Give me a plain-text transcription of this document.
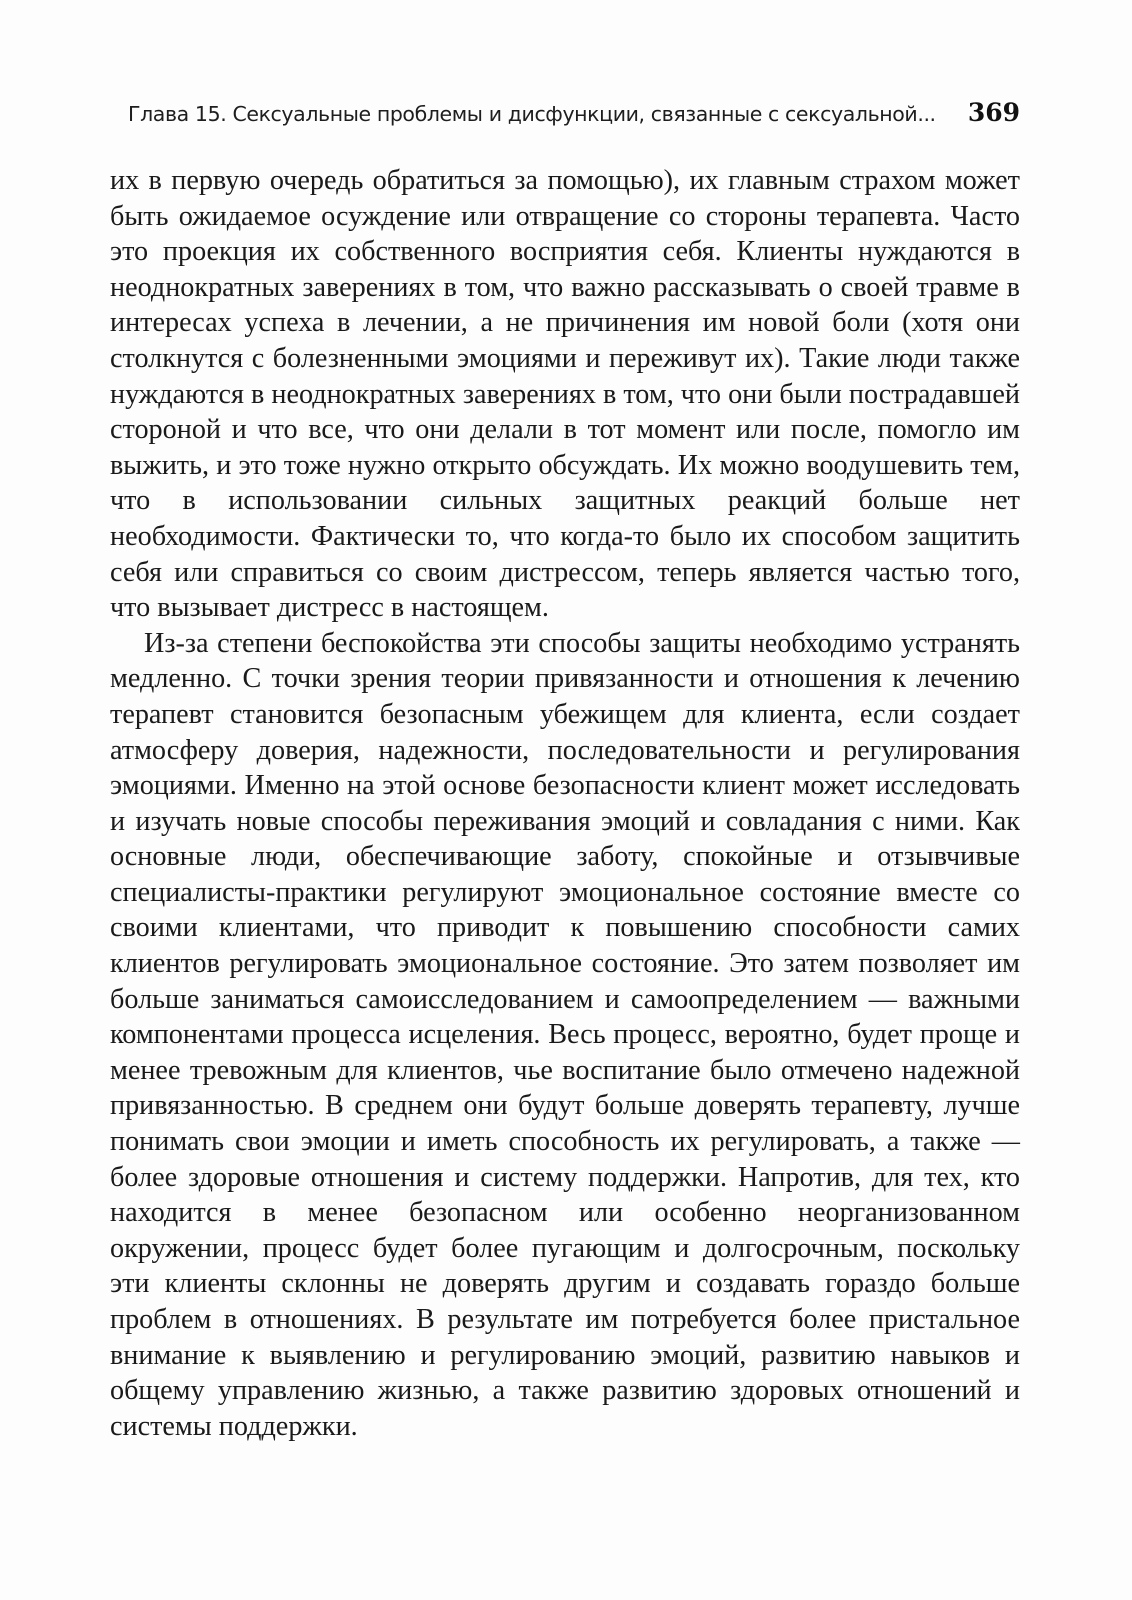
Глава 15. Сексуальные проблемы и дисфункции, связанные с сексуальной... 369

их в первую очередь обратиться за помощью), их главным страхом может быть ожидаемое осуждение или отвращение со стороны терапевта. Часто это проекция их собственного восприятия себя. Клиенты нуждаются в неоднократных заверениях в том, что важно рассказывать о своей травме в интересах успеха в лечении, а не причинения им новой боли (хотя они столкнутся с болезненными эмоциями и переживут их). Такие люди также нуждаются в неоднократных заверениях в том, что они были пострадавшей стороной и что все, что они делали в тот момент или после, помогло им выжить, и это тоже нужно открыто обсуждать. Их можно воодушевить тем, что в использовании сильных защитных реакций больше нет необходимости. Фактически то, что когда-то было их способом защитить себя или справиться со своим дистрессом, теперь является частью того, что вызывает дистресс в настоящем.

Из-за степени беспокойства эти способы защиты необходимо устранять медленно. С точки зрения теории привязанности и отношения к лечению терапевт становится безопасным убежищем для клиента, если создает атмосферу доверия, надежности, последовательности и регулирования эмоциями. Именно на этой основе безопасности клиент может исследовать и изучать новые способы переживания эмоций и совладания с ними. Как основные люди, обеспечивающие заботу, спокойные и отзывчивые специалисты-практики регулируют эмоциональное состояние вместе со своими клиентами, что приводит к повышению способности самих клиентов регулировать эмоциональное состояние. Это затем позволяет им больше заниматься самоисследованием и самоопределением — важными компонентами процесса исцеления. Весь процесс, вероятно, будет проще и менее тревожным для клиентов, чье воспитание было отмечено надежной привязанностью. В среднем они будут больше доверять терапевту, лучше понимать свои эмоции и иметь способность их регулировать, а также — более здоровые отношения и систему поддержки. Напротив, для тех, кто находится в менее безопасном или особенно неорганизованном окружении, процесс будет более пугающим и долгосрочным, поскольку эти клиенты склонны не доверять другим и создавать гораздо больше проблем в отношениях. В результате им потребуется более пристальное внимание к выявлению и регулированию эмоций, развитию навыков и общему управлению жизнью, а также развитию здоровых отношений и системы поддержки.
